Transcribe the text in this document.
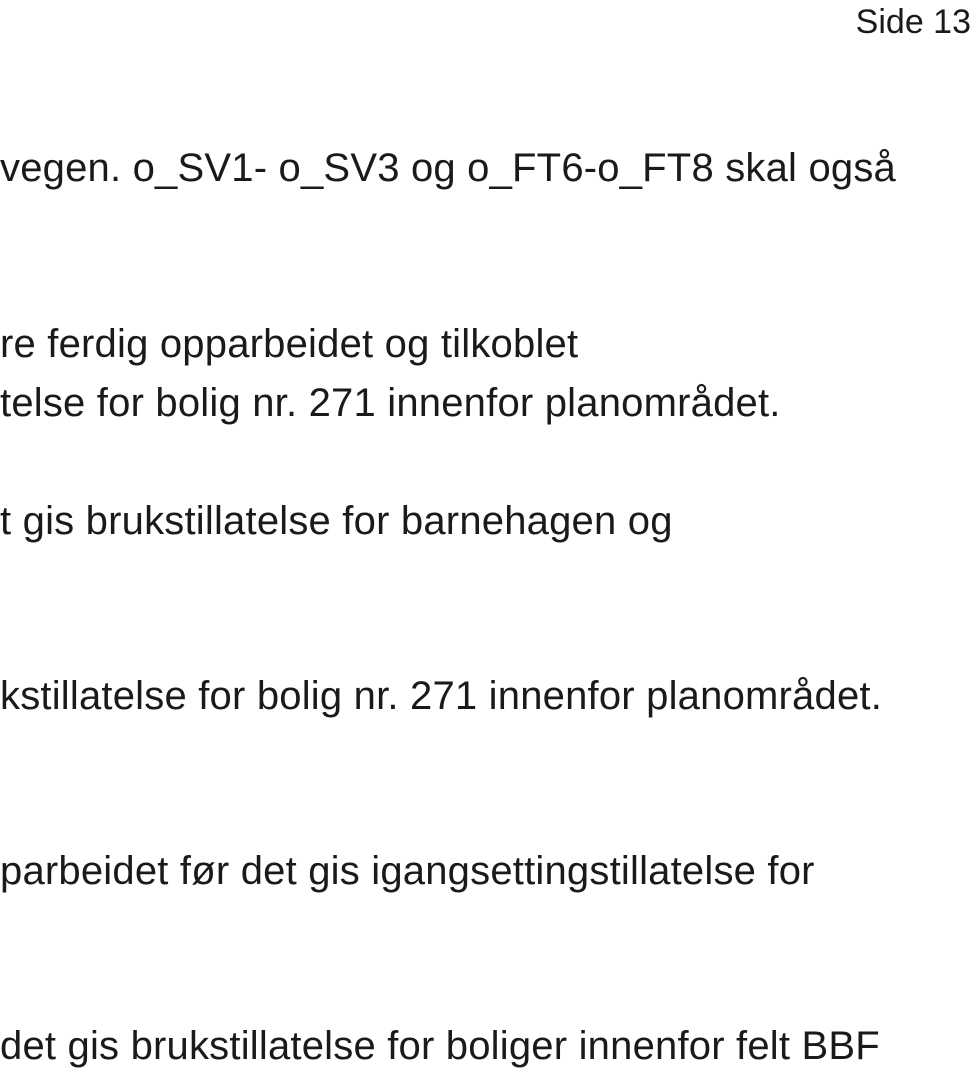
Side 13
vegen. o_SV1- o_SV3 og o_FT6-o_FT8 skal også
re ferdig opparbeidet og tilkoblet
telse for bolig nr. 271 innenfor planområdet.
t gis brukstillatelse for barnehagen og
kstillatelse for bolig nr. 271 innenfor planområdet.
parbeidet før det gis igangsettingstillatelse for
det gis brukstillatelse for boliger innenfor felt BBF
